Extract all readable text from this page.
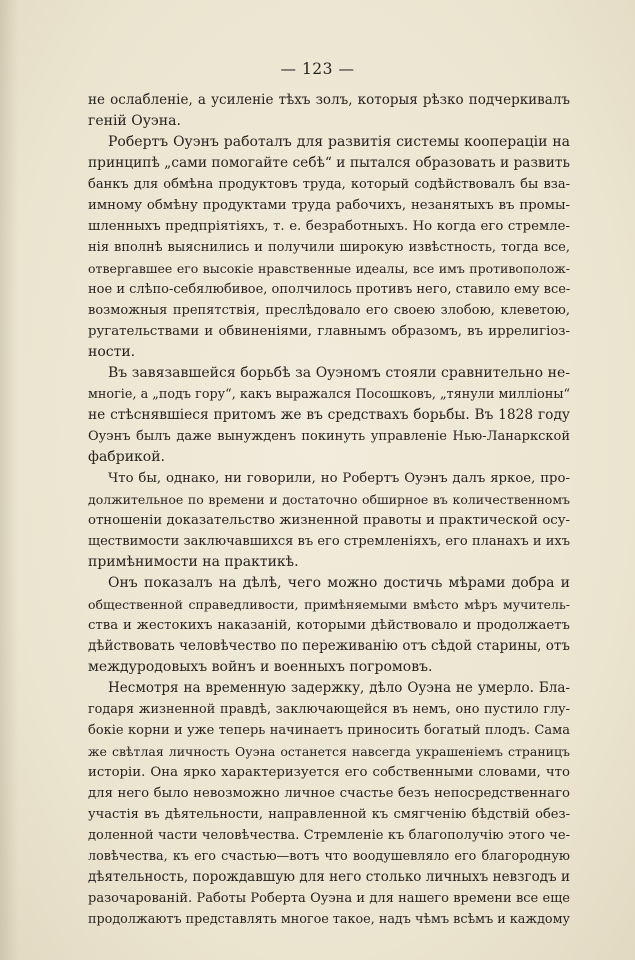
— 123 —
не ослабленіе, а усиленіе тѣхъ золъ, которыя рѣзко подчеркивалъ
геній Оуэна.
Робертъ Оуэнъ работалъ для развитія системы коопераціи на
принципѣ „сами помогайте себѣ“ и пытался образовать и развить
банкъ для обмѣна продуктовъ труда, который содѣйствовалъ бы вза-
имному обмѣну продуктами труда рабочихъ, незанятыхъ въ промы-
шленныхъ предпріятіяхъ, т. е. безработныхъ. Но когда его стремле-
нія вполнѣ выяснились и получили широкую извѣстность, тогда все,
отвергавшее его высокіе нравственные идеалы, все имъ противополож-
ное и слѣпо-себялюбивое, ополчилось противъ него, ставило ему все-
возможныя препятствія, преслѣдовало его своею злобою, клеветою,
ругательствами и обвиненіями, главнымъ образомъ, въ иррелигіоз-
ности.
Въ завязавшейся борьбѣ за Оуэномъ стояли сравнительно не-
многіе, а „подъ гору“, какъ выражался Посошковъ, „тянули милліоны“
не стѣснявшіеся притомъ же въ средствахъ борьбы. Въ 1828 году
Оуэнъ былъ даже вынужденъ покинуть управленіе Нью-Ланаркской
фабрикой.
Что бы, однако, ни говорили, но Робертъ Оуэнъ далъ яркое, про-
должительное по времени и достаточно обширное въ количественномъ
отношеніи доказательство жизненной правоты и практической осу-
ществимости заключавшихся въ его стремленіяхъ, его планахъ и ихъ
примѣнимости на практикѣ.
Онъ показалъ на дѣлѣ, чего можно достичь мѣрами добра и
общественной справедливости, примѣняемыми вмѣсто мѣръ мучитель-
ства и жестокихъ наказаній, которыми дѣйствовало и продолжаетъ
дѣйствовать человѣчество по переживанію отъ сѣдой старины, отъ
междуродовыхъ войнъ и военныхъ погромовъ.
Несмотря на временную задержку, дѣло Оуэна не умерло. Бла-
годаря жизненной правдѣ, заключающейся въ немъ, оно пустило глу-
бокіе корни и уже теперь начинаетъ приносить богатый плодъ. Сама
же свѣтлая личность Оуэна останется навсегда украшеніемъ страницъ
исторіи. Она ярко характеризуется его собственными словами, что
для него было невозможно личное счастье безъ непосредственнаго
участія въ дѣятельности, направленной къ смягченію бѣдствій обез-
доленной части человѣчества. Стремленіе къ благополучію этого че-
ловѣчества, къ его счастью—вотъ что воодушевляло его благородную
дѣятельность, порождавшую для него столько личныхъ невзгодъ и
разочарованій. Работы Роберта Оуэна и для нашего времени все еще
продолжаютъ представлять многое такое, надъ чѣмъ всѣмъ и каждому
